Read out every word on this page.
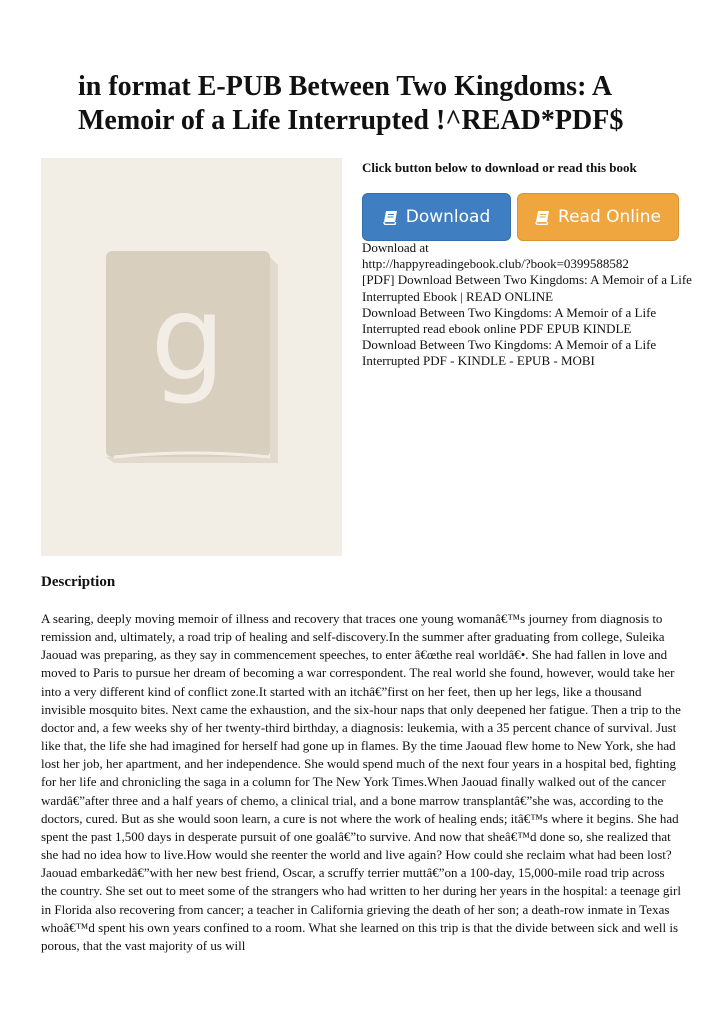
in format E-PUB Between Two Kingdoms: A Memoir of a Life Interrupted !^READ*PDF$
g
Click button below to download or read this book
Download	Read Online
Download at
http://happyreadingebook.club/?book=0399588582
[PDF] Download Between Two Kingdoms: A Memoir of a Life Interrupted Ebook | READ ONLINE
Download Between Two Kingdoms: A Memoir of a Life Interrupted read ebook online PDF EPUB KINDLE
Download Between Two Kingdoms: A Memoir of a Life Interrupted PDF - KINDLE - EPUB - MOBI
Description

A searing, deeply moving memoir of illness and recovery that traces one young womanâ€™s journey from diagnosis to remission and, ultimately, a road trip of healing and self-discovery.In the summer after graduating from college, Suleika Jaouad was preparing, as they say in commencement speeches, to enter â€œthe real worldâ€•. She had fallen in love and moved to Paris to pursue her dream of becoming a war correspondent. The real world she found, however, would take her into a very different kind of conflict zone.It started with an itchâ€”first on her feet, then up her legs, like a thousand invisible mosquito bites. Next came the exhaustion, and the six-hour naps that only deepened her fatigue. Then a trip to the doctor and, a few weeks shy of her twenty-third birthday, a diagnosis: leukemia, with a 35 percent chance of survival. Just like that, the life she had imagined for herself had gone up in flames. By the time Jaouad flew home to New York, she had lost her job, her apartment, and her independence. She would spend much of the next four years in a hospital bed, fighting for her life and chronicling the saga in a column for The New York Times.When Jaouad finally walked out of the cancer wardâ€”after three and a half years of chemo, a clinical trial, and a bone marrow transplantâ€”she was, according to the doctors, cured. But as she would soon learn, a cure is not where the work of healing ends; itâ€™s where it begins. She had spent the past 1,500 days in desperate pursuit of one goalâ€”to survive. And now that sheâ€™d done so, she realized that she had no idea how to live.How would she reenter the world and live again? How could she reclaim what had been lost? Jaouad embarkedâ€”with her new best friend, Oscar, a scruffy terrier muttâ€”on a 100-day, 15,000-mile road trip across the country. She set out to meet some of the strangers who had written to her during her years in the hospital: a teenage girl in Florida also recovering from cancer; a teacher in California grieving the death of her son; a death-row inmate in Texas whoâ€™d spent his own years confined to a room. What she learned on this trip is that the divide between sick and well is porous, that the vast majority of us will
